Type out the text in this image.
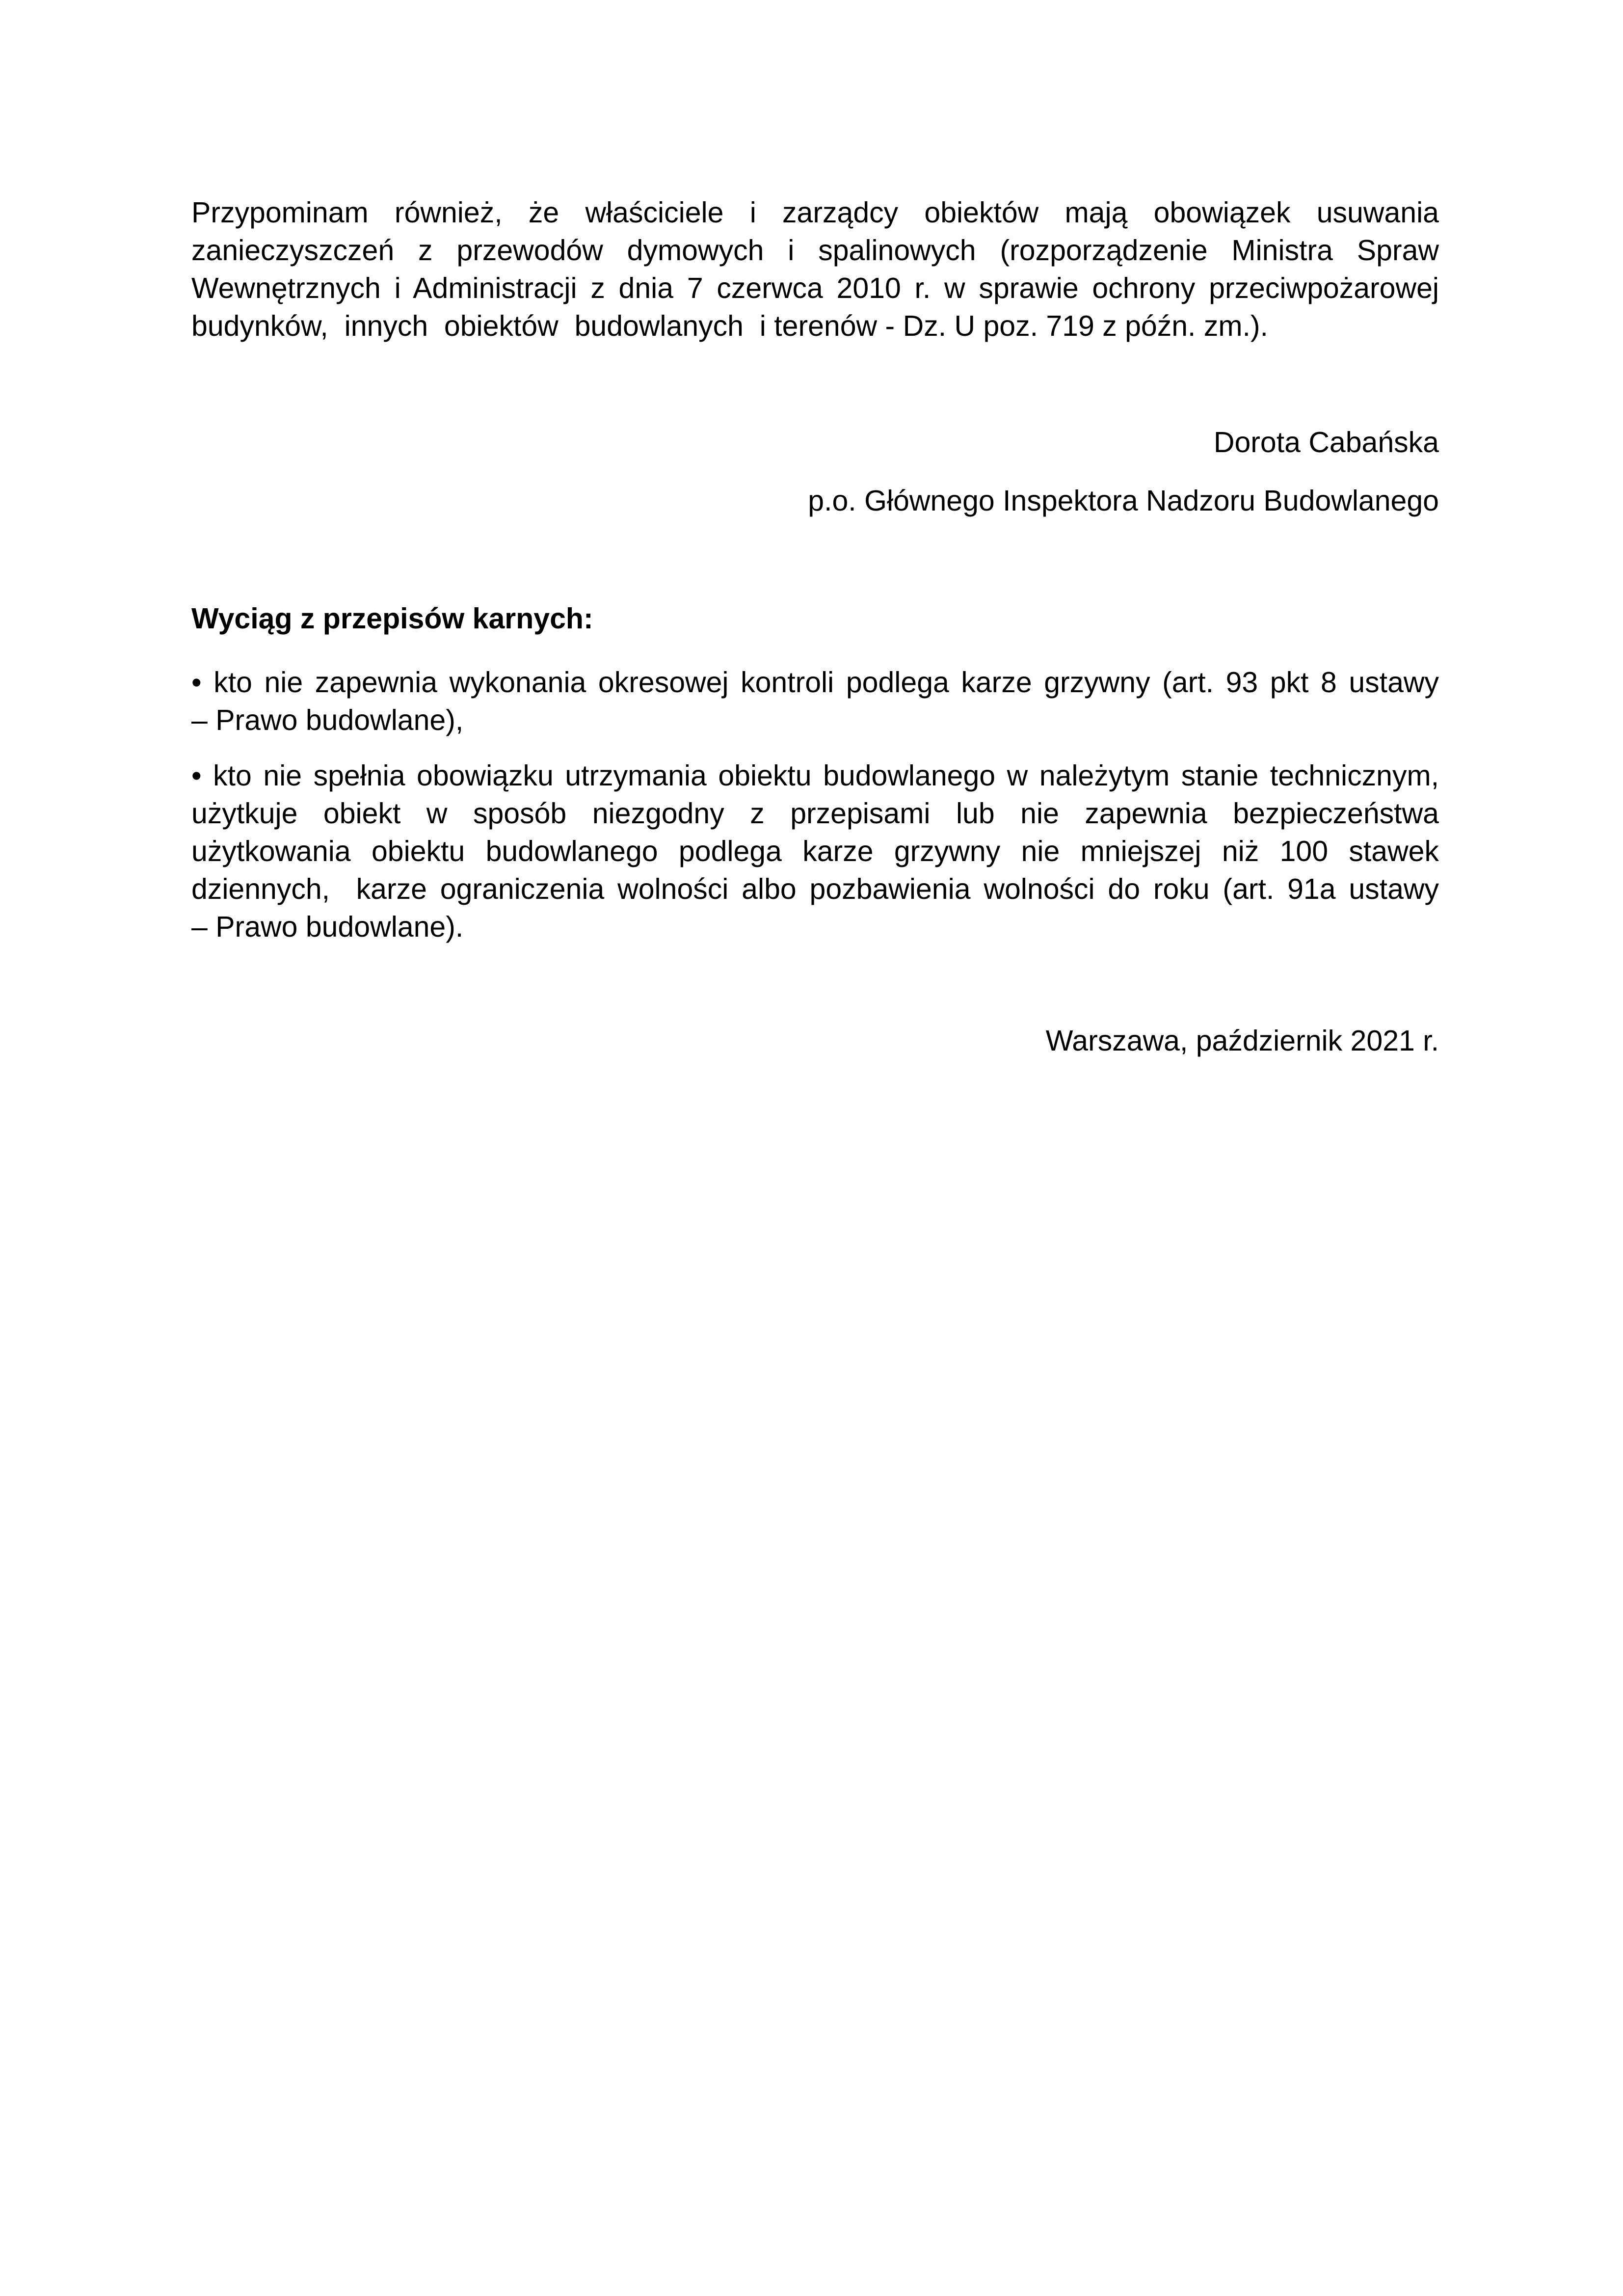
Przypominam również, że właściciele i zarządcy obiektów mają obowiązek usuwania
zanieczyszczeń z przewodów dymowych i spalinowych (rozporządzenie Ministra Spraw
Wewnętrznych i Administracji z dnia 7 czerwca 2010 r. w sprawie ochrony przeciwpożarowej
budynków,  innych  obiektów  budowlanych  i terenów - Dz. U poz. 719 z późn. zm.).
Dorota Cabańska
p.o. Głównego Inspektora Nadzoru Budowlanego
Wyciąg z przepisów karnych:
• kto nie zapewnia wykonania okresowej kontroli podlega karze grzywny (art. 93 pkt 8 ustawy
– Prawo budowlane),
• kto nie spełnia obowiązku utrzymania obiektu budowlanego w należytym stanie technicznym,
użytkuje obiekt w sposób niezgodny z przepisami lub nie zapewnia bezpieczeństwa
użytkowania obiektu budowlanego podlega karze grzywny nie mniejszej niż 100 stawek
dziennych,  karze ograniczenia wolności albo pozbawienia wolności do roku (art. 91a ustawy
– Prawo budowlane).
Warszawa, październik 2021 r.
